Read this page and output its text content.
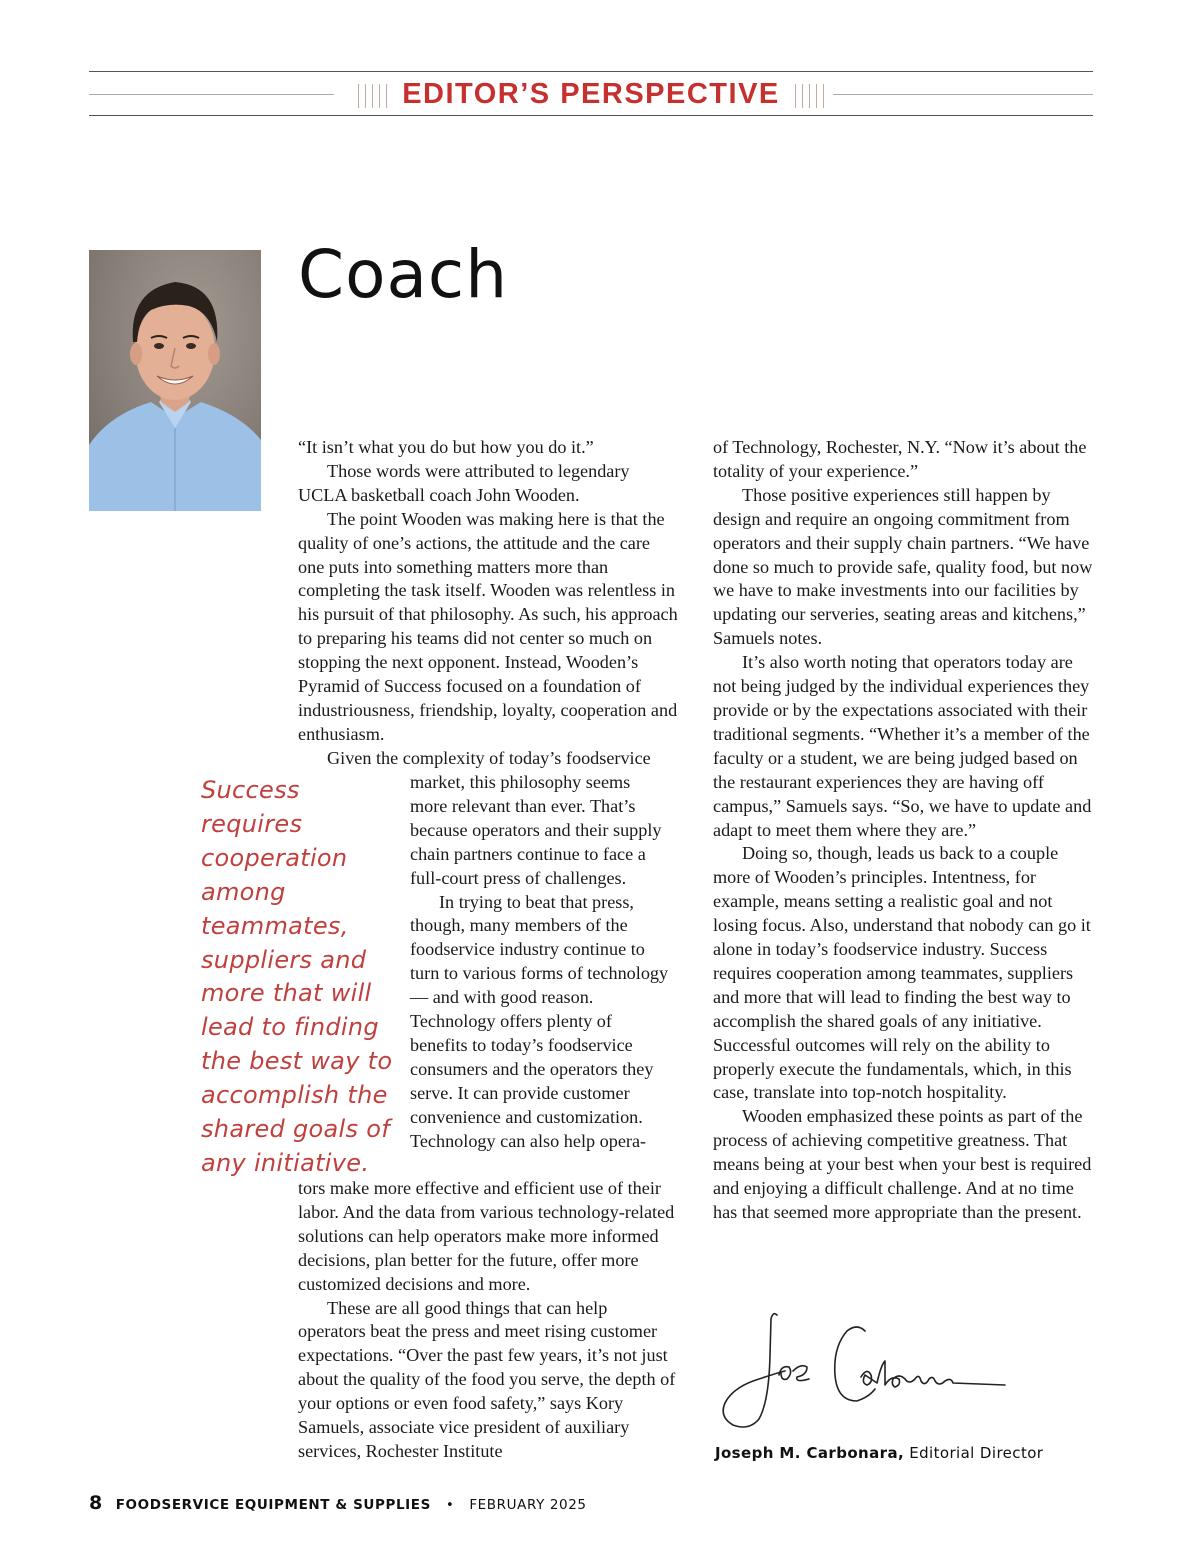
EDITOR’S PERSPECTIVE
Coach

“It isn’t what you do but how you do it.”

Those words were attributed to legendary UCLA basketball coach John Wooden.

The point Wooden was making here is that the quality of one’s actions, the attitude and the care one puts into something matters more than completing the task itself. Wooden was relentless in his pursuit of that philosophy. As such, his approach to preparing his teams did not center so much on stopping the next opponent. Instead, Wooden’s Pyramid of Success focused on a foundation of industriousness, friendship, loyalty, cooperation and enthusiasm.

Given the complexity of today’s foodservice

Success requires cooperation among teammates, suppliers and more that will lead to finding the best way to accomplish the shared goals of any initiative.

market, this philosophy seems more relevant than ever. That’s because operators and their supply chain partners continue to face a full-court press of challenges.

In trying to beat that press, though, many members of the foodservice industry continue to turn to various forms of technology — and with good reason. Technology offers plenty of benefits to today’s foodservice consumers and the operators they serve. It can provide customer convenience and customization. Technology can also help opera-

tors make more effective and efficient use of their labor. And the data from various technology-related solutions can help operators make more informed decisions, plan better for the future, offer more customized decisions and more.

These are all good things that can help operators beat the press and meet rising customer expectations. “Over the past few years, it’s not just about the quality of the food you serve, the depth of your options or even food safety,” says Kory Samuels, associate vice president of auxiliary services, Rochester Institute

of Technology, Rochester, N.Y. “Now it’s about the totality of your experience.”

Those positive experiences still happen by design and require an ongoing commitment from operators and their supply chain partners. “We have done so much to provide safe, quality food, but now we have to make investments into our facilities by updating our serveries, seating areas and kitchens,” Samuels notes.

It’s also worth noting that operators today are not being judged by the individual experiences they provide or by the expectations associated with their traditional segments. “Whether it’s a member of the faculty or a student, we are being judged based on the restaurant experiences they are having off campus,” Samuels says. “So, we have to update and adapt to meet them where they are.”

Doing so, though, leads us back to a couple more of Wooden’s principles. Intentness, for example, means setting a realistic goal and not losing focus. Also, understand that nobody can go it alone in today’s foodservice industry. Success requires cooperation among teammates, suppliers and more that will lead to finding the best way to accomplish the shared goals of any initiative. Successful outcomes will rely on the ability to properly execute the fundamentals, which, in this case, translate into top-notch hospitality.

Wooden emphasized these points as part of the process of achieving competitive greatness. That means being at your best when your best is required and enjoying a difficult challenge. And at no time has that seemed more appropriate than the present.

Joseph M. Carbonara, Editorial Director
8 FOODSERVICE EQUIPMENT & SUPPLIES • FEBRUARY 2025
